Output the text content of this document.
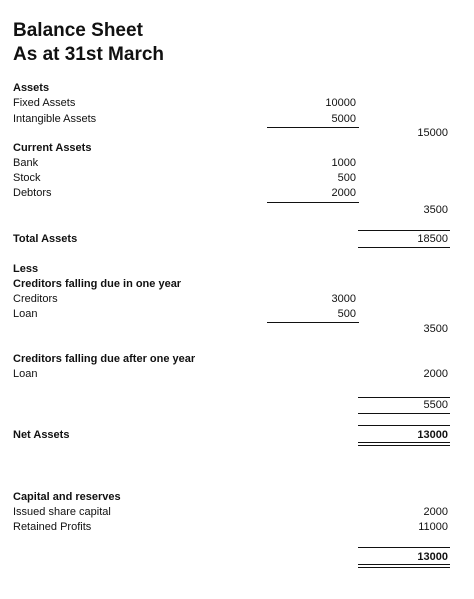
Balance Sheet
As at 31st March
Assets
Fixed Assets	10000
Intangible Assets	5000
15000
Current Assets
Bank	1000
Stock	500
Debtors	2000
3500
Total Assets	18500
Less
Creditors falling due in one year
Creditors	3000
Loan	500
3500
Creditors falling due after one year
Loan	2000
5500
Net Assets	13000
Capital and reserves
Issued share capital	2000
Retained Profits	11000
13000
